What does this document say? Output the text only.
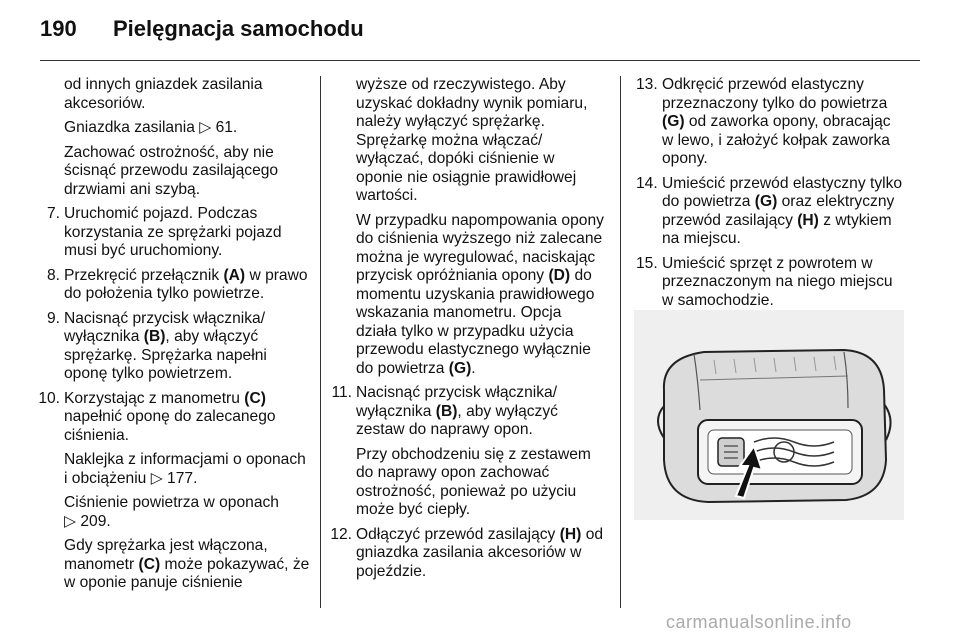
190 Pielęgnacja samochodu

od innych gniazdek zasilania akcesoriów.

Gniazdka zasilania ▷ 61.

Zachować ostrożność, aby nie ścisnąć przewodu zasilającego drzwiami ani szybą.

7. Uruchomić pojazd. Podczas korzystania ze sprężarki pojazd musi być uruchomiony.
8. Przekręcić przełącznik (A) w prawo do położenia tylko powietrze.
9. Nacisnąć przycisk włącznika/ wyłącznika (B), aby włączyć sprężarkę. Sprężarka napełni oponę tylko powietrzem.
10. Korzystając z manometru (C) napełnić oponę do zalecanego ciśnienia.

Naklejka z informacjami o oponach i obciążeniu ▷ 177.

Ciśnienie powietrza w oponach
▷ 209.

Gdy sprężarka jest włączona, manometr (C) może pokazywać, że w oponie panuje ciśnienie

wyższe od rzeczywistego. Aby uzyskać dokładny wynik pomiaru, należy wyłączyć sprężarkę. Sprężarkę można włączać/ wyłączać, dopóki ciśnienie w oponie nie osiągnie prawidłowej wartości.

W przypadku napompowania opony do ciśnienia wyższego niż zalecane można je wyregulować, naciskając przycisk opróżniania opony (D) do momentu uzyskania prawidłowego wskazania manometru. Opcja działa tylko w przypadku użycia przewodu elastycznego wyłącznie do powietrza (G).

11. Nacisnąć przycisk włącznika/ wyłącznika (B), aby wyłączyć zestaw do naprawy opon.

Przy obchodzeniu się z zestawem do naprawy opon zachować ostrożność, ponieważ po użyciu może być ciepły.

12. Odłączyć przewód zasilający (H) od gniazdka zasilania akcesoriów w pojeździe.
13. Odkręcić przewód elastyczny przeznaczony tylko do powietrza (G) od zaworka opony, obracając w lewo, i założyć kołpak zaworka opony.
14. Umieścić przewód elastyczny tylko do powietrza (G) oraz elektryczny przewód zasilający (H) z wtykiem na miejscu.
15. Umieścić sprzęt z powrotem w przeznaczonym na niego miejscu w samochodzie.
carmanualsonline.info
